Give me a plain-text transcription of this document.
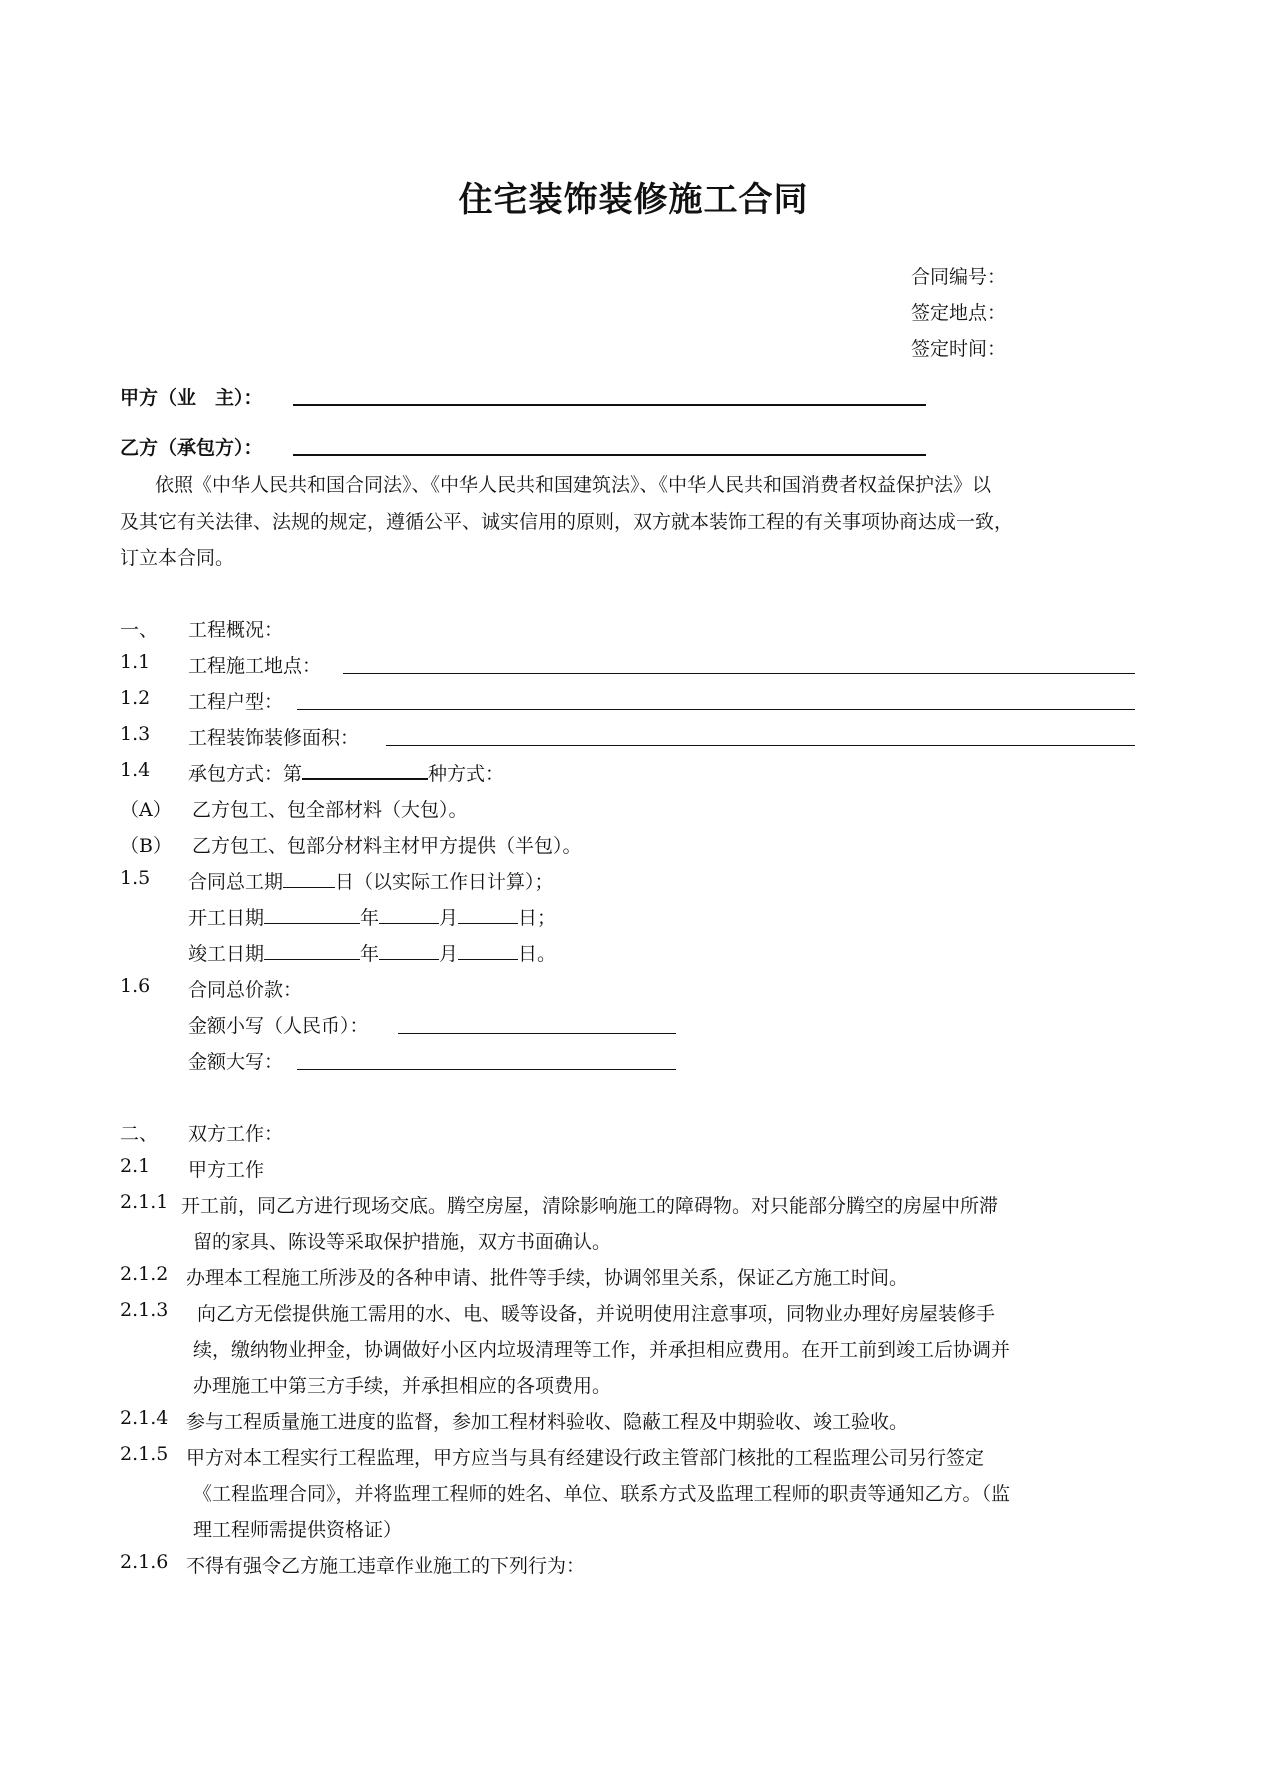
住宅装饰装修施工合同
合同编号：
签定地点：
签定时间：
甲方（业　主）：
乙方（承包方）：
依照《中华人民共和国合同法》、《中华人民共和国建筑法》、《中华人民共和国消费者权益保护法》以
及其它有关法律、法规的规定，遵循公平、诚实信用的原则，双方就本装饰工程的有关事项协商达成一致，
订立本合同。
一、 工程概况：
1.1 工程施工地点：
1.2 工程户型：
1.3 工程装饰装修面积：
1.4 承包方式：第	种方式：
（A） 乙方包工、包全部材料（大包）。
（B） 乙方包工、包部分材料主材甲方提供（半包）。
1.5 合同总工期	日（以实际工作日计算）；
开工日期	年	月	日；
竣工日期	年	月	日。
1.6 合同总价款：
金额小写（人民币）：
金额大写：
二、 双方工作：
2.1 甲方工作
2.1.1 开工前，同乙方进行现场交底。腾空房屋，清除影响施工的障碍物。对只能部分腾空的房屋中所滞
留的家具、陈设等采取保护措施，双方书面确认。
2.1.2 办理本工程施工所涉及的各种申请、批件等手续，协调邻里关系，保证乙方施工时间。
2.1.3 向乙方无偿提供施工需用的水、电、暖等设备，并说明使用注意事项，同物业办理好房屋装修手
续，缴纳物业押金，协调做好小区内垃圾清理等工作，并承担相应费用。在开工前到竣工后协调并
办理施工中第三方手续，并承担相应的各项费用。
2.1.4 参与工程质量施工进度的监督，参加工程材料验收、隐蔽工程及中期验收、竣工验收。
2.1.5 甲方对本工程实行工程监理，甲方应当与具有经建设行政主管部门核批的工程监理公司另行签定
《工程监理合同》，并将监理工程师的姓名、单位、联系方式及监理工程师的职责等通知乙方。（监
理工程师需提供资格证）
2.1.6 不得有强令乙方施工违章作业施工的下列行为：
